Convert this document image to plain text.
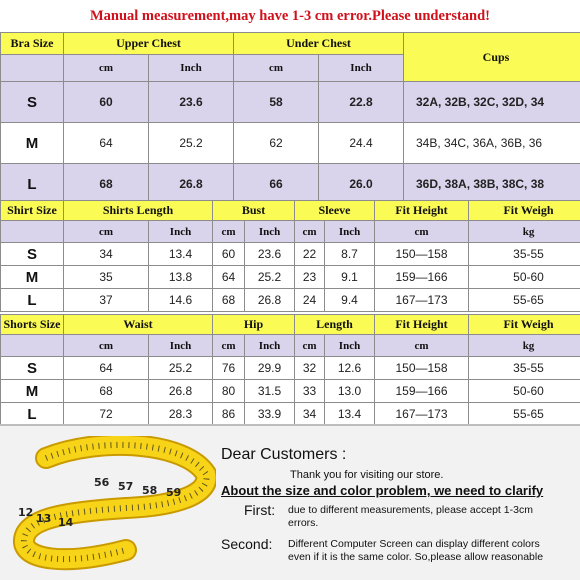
Manual measurement,may have 1-3 cm error.Please understand!
Bra Size	Upper Chest		Under Chest		Cups
	cm	Inch	cm	Inch	
S	60	23.6	58	22.8	32A, 32B, 32C, 32D, 34
M	64	25.2	62	24.4	34B, 34C, 36A, 36B, 36
L	68	26.8	66	26.0	36D, 38A, 38B, 38C, 38
Shirt Size	Shirts Length		Bust		Sleeve		Fit Height	Fit Weigh
	cm	Inch	cm	Inch	cm	Inch	cm	kg
S	34	13.4	60	23.6	22	8.7	150—158	35-55
M	35	13.8	64	25.2	23	9.1	159—166	50-60
L	37	14.6	68	26.8	24	9.4	167—173	55-65
Shorts Size	Waist		Hip		Length		Fit Height	Fit Weigh
	cm	Inch	cm	Inch	cm	Inch	cm	kg
S	64	25.2	76	29.9	32	12.6	150—158	35-55
M	68	26.8	80	31.5	33	13.0	159—166	50-60
L	72	28.3	86	33.9	34	13.4	167—173	55-65
56 57 58 59
12 13 14
Dear Customers :
Thank you for visiting our store.
About the size and color problem, we need to clarify
First: due to different measurements, please accept 1-3cm
errors.
Second: Different Computer Screen can display different colors
even if it is the same color. So,please allow reasonable
